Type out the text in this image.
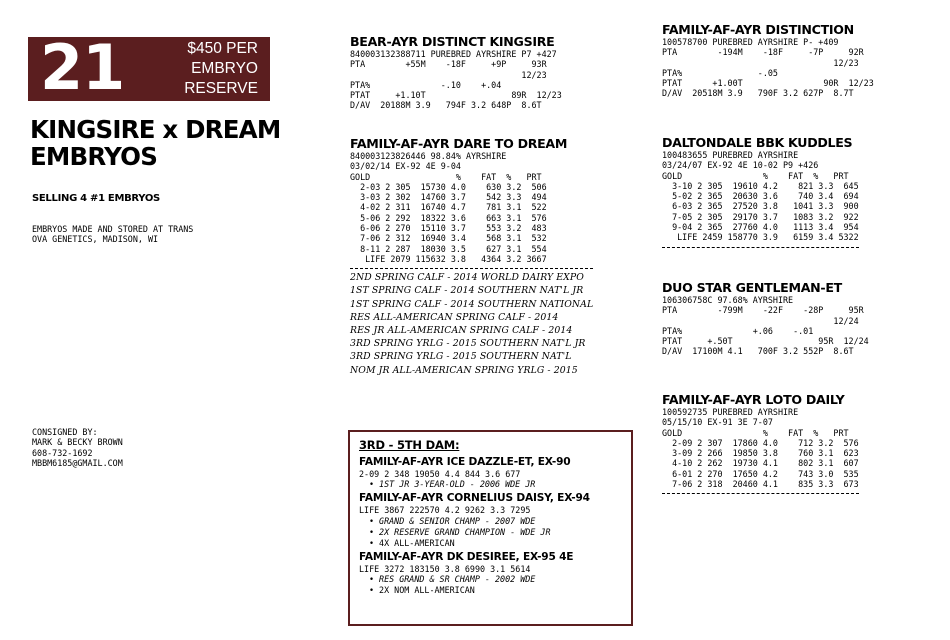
21	$450 PER
EMBRYO
RESERVE
KINGSIRE x DREAM
EMBRYOS
SELLING 4 #1 EMBRYOS
EMBRYOS MADE AND STORED AT TRANS
OVA GENETICS, MADISON, WI
CONSIGNED BY:
MARK & BECKY BROWN
608-732-1692
MBBM6185@GMAIL.COM
BEAR-AYR DISTINCT KINGSIRE
840003132388711 PUREBRED AYRSHIRE P7 +427
PTA        +55M    -18F     +9P     93R
12/23
PTA%              -.10    +.04
PTAT     +1.10T                 89R  12/23
D/AV  20188M 3.9   794F 3.2 648P  8.6T
FAMILY-AF-AYR DARE TO DREAM
840003123826446 98.84% AYRSHIRE
03/02/14 EX-92 4E 9-04
GOLD                 %    FAT  %   PRT
2-03 2 305  15730 4.0    630 3.2  506
3-03 2 302  14760 3.7    542 3.3  494
4-02 2 311  16740 4.7    781 3.1  522
5-06 2 292  18322 3.6    663 3.1  576
6-06 2 270  15110 3.7    553 3.2  483
7-06 2 312  16940 3.4    568 3.1  532
8-11 2 287  18030 3.5    627 3.1  554
LIFE 2079 115632 3.8   4364 3.2 3667
2ND SPRING CALF - 2014 WORLD DAIRY EXPO
1ST SPRING CALF - 2014 SOUTHERN NAT'L JR
1ST SPRING CALF - 2014 SOUTHERN NATIONAL
RES ALL-AMERICAN SPRING CALF - 2014
RES JR ALL-AMERICAN SPRING CALF - 2014
3RD SPRING YRLG - 2015 SOUTHERN NAT'L JR
3RD SPRING YRLG - 2015 SOUTHERN NAT'L
NOM JR ALL-AMERICAN SPRING YRLG - 2015
3RD - 5TH DAM:
FAMILY-AF-AYR ICE DAZZLE-ET, EX-90
2-09 2 348 19050 4.4 844 3.6 677
• 1ST JR 3-YEAR-OLD - 2006 WDE JR
FAMILY-AF-AYR CORNELIUS DAISY, EX-94
LIFE 3867 222570 4.2 9262 3.3 7295
• GRAND & SENIOR CHAMP - 2007 WDE
• 2X RESERVE GRAND CHAMPION - WDE JR
• 4X ALL-AMERICAN
FAMILY-AF-AYR DK DESIREE, EX-95 4E
LIFE 3272 183150 3.8 6990 3.1 5614
• RES GRAND & SR CHAMP - 2002 WDE
• 2X NOM ALL-AMERICAN
FAMILY-AF-AYR DISTINCTION
100578700 PUREBRED AYRSHIRE P- +409
PTA        -194M    -18F     -7P     92R
12/23
PTA%               -.05
PTAT      +1.00T                90R  12/23
D/AV  20518M 3.9   790F 3.2 627P  8.7T
DALTONDALE BBK KUDDLES
100483655 PUREBRED AYRSHIRE
03/24/07 EX-92 4E 10-02 P9 +426
GOLD                %    FAT  %   PRT
3-10 2 305  19610 4.2    821 3.3  645
5-02 2 365  20630 3.6    740 3.4  694
6-03 2 365  27520 3.8   1041 3.3  900
7-05 2 305  29170 3.7   1083 3.2  922
9-04 2 365  27760 4.0   1113 3.4  954
LIFE 2459 158770 3.9   6159 3.4 5322
DUO STAR GENTLEMAN-ET
106306758C 97.68% AYRSHIRE
PTA        -799M    -22F    -28P     95R
12/24
PTA%              +.06    -.01
PTAT     +.50T                 95R  12/24
D/AV  17100M 4.1   700F 3.2 552P  8.6T
FAMILY-AF-AYR LOTO DAILY
100592735 PUREBRED AYRSHIRE
05/15/10 EX-91 3E 7-07
GOLD                %    FAT  %   PRT
2-09 2 307  17860 4.0    712 3.2  576
3-09 2 266  19850 3.8    760 3.1  623
4-10 2 262  19730 4.1    802 3.1  607
6-01 2 270  17650 4.2    743 3.0  535
7-06 2 318  20460 4.1    835 3.3  673
